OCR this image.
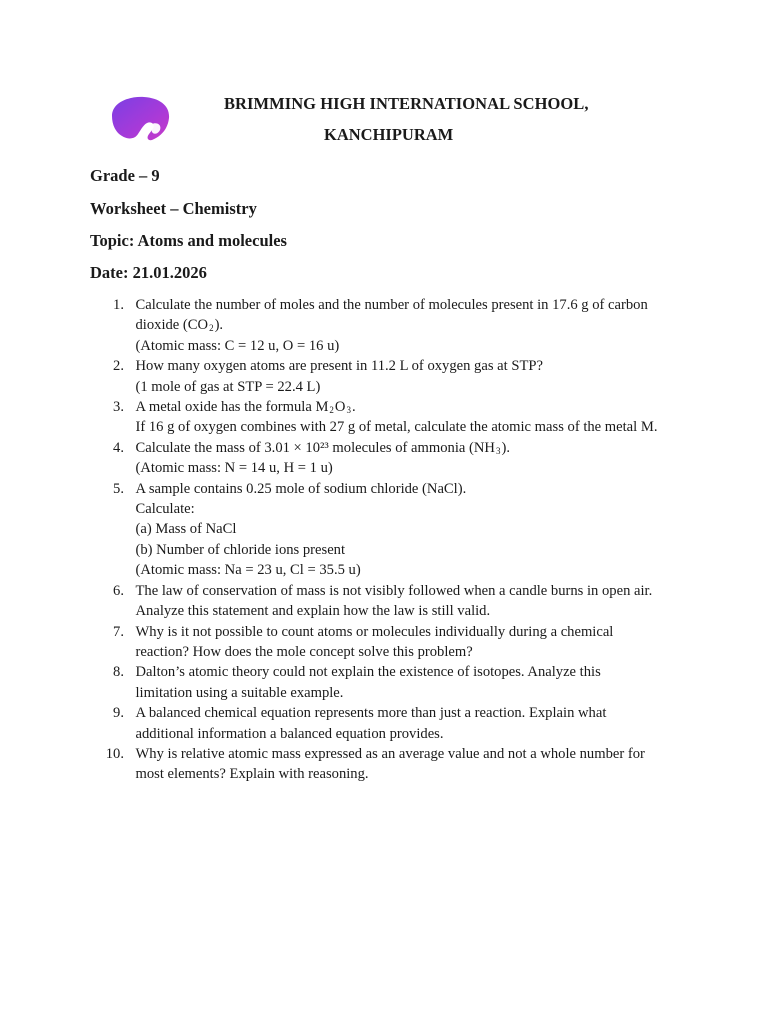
BRIMMING HIGH INTERNATIONAL SCHOOL,
KANCHIPURAM
Grade – 9
Worksheet – Chemistry
Topic: Atoms and molecules
Date: 21.01.2026
1. Calculate the number of moles and the number of molecules present in 17.6 g of carbon
dioxide $(CO_2)$.
(Atomic mass: C = 12 u, O = 16 u)
2. How many oxygen atoms are present in 11.2 L of oxygen gas at STP?
(1 mole of gas at STP = 22.4 L)
3. A metal oxide has the formula $M_2O_3$.
If 16 g of oxygen combines with 27 g of metal, calculate the atomic mass of the metal M.
4. Calculate the mass of 3.01 × 10²³ molecules of ammonia $(NH_3)$.
(Atomic mass: N = 14 u, H = 1 u)
5. A sample contains 0.25 mole of sodium chloride (NaCl).
Calculate:
(a) Mass of NaCl
(b) Number of chloride ions present
(Atomic mass: Na = 23 u, Cl = 35.5 u)
6. The law of conservation of mass is not visibly followed when a candle burns in open air.
Analyze this statement and explain how the law is still valid.
7. Why is it not possible to count atoms or molecules individually during a chemical
reaction? How does the mole concept solve this problem?
8. Dalton’s atomic theory could not explain the existence of isotopes. Analyze this
limitation using a suitable example.
9. A balanced chemical equation represents more than just a reaction. Explain what
additional information a balanced equation provides.
10. Why is relative atomic mass expressed as an average value and not a whole number for
most elements? Explain with reasoning.
